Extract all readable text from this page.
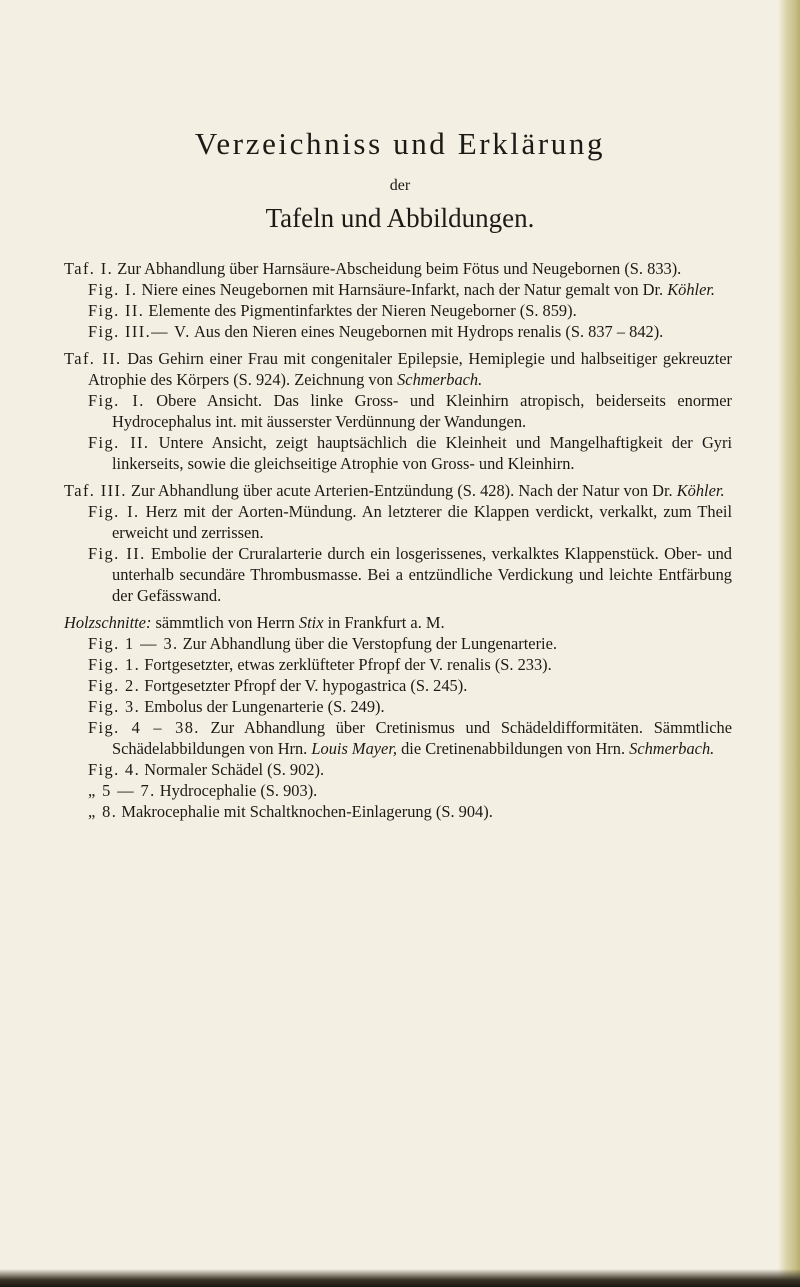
Verzeichniss und Erklärung
der
Tafeln und Abbildungen.

Taf. I. Zur Abhandlung über Harnsäure-Abscheidung beim Fötus und Neugebornen (S. 833).

Fig. I. Niere eines Neugebornen mit Harnsäure-Infarkt, nach der Natur gemalt von Dr. Köhler.

Fig. II. Elemente des Pigmentinfarktes der Nieren Neugeborner (S. 859).

Fig. III.— V. Aus den Nieren eines Neugebornen mit Hydrops renalis (S. 837 – 842).

Taf. II. Das Gehirn einer Frau mit congenitaler Epilepsie, Hemiplegie und halbseitiger gekreuzter Atrophie des Körpers (S. 924). Zeichnung von Schmerbach.

Fig. I. Obere Ansicht. Das linke Gross- und Kleinhirn atropisch, beiderseits enormer Hydrocephalus int. mit äusserster Verdünnung der Wandungen.

Fig. II. Untere Ansicht, zeigt hauptsächlich die Kleinheit und Mangelhaftigkeit der Gyri linkerseits, sowie die gleichseitige Atrophie von Gross- und Kleinhirn.

Taf. III. Zur Abhandlung über acute Arterien-Entzündung (S. 428). Nach der Natur von Dr. Köhler.

Fig. I. Herz mit der Aorten-Mündung. An letzterer die Klappen verdickt, verkalkt, zum Theil erweicht und zerrissen.

Fig. II. Embolie der Cruralarterie durch ein losgerissenes, verkalktes Klappenstück. Ober- und unterhalb secundäre Thrombusmasse. Bei a entzündliche Verdickung und leichte Entfärbung der Gefässwand.

Holzschnitte: sämmtlich von Herrn Stix in Frankfurt a. M.

Fig. 1 — 3. Zur Abhandlung über die Verstopfung der Lungenarterie.

Fig. 1. Fortgesetzter, etwas zerklüfteter Pfropf der V. renalis (S. 233).

Fig. 2. Fortgesetzter Pfropf der V. hypogastrica (S. 245).

Fig. 3. Embolus der Lungenarterie (S. 249).

Fig. 4 – 38. Zur Abhandlung über Cretinismus und Schädeldifformitäten. Sämmtliche Schädelabbildungen von Hrn. Louis Mayer, die Cretinenabbildungen von Hrn. Schmerbach.

Fig. 4. Normaler Schädel (S. 902).

„ 5 — 7. Hydrocephalie (S. 903).

„ 8. Makrocephalie mit Schaltknochen-Einlagerung (S. 904).
